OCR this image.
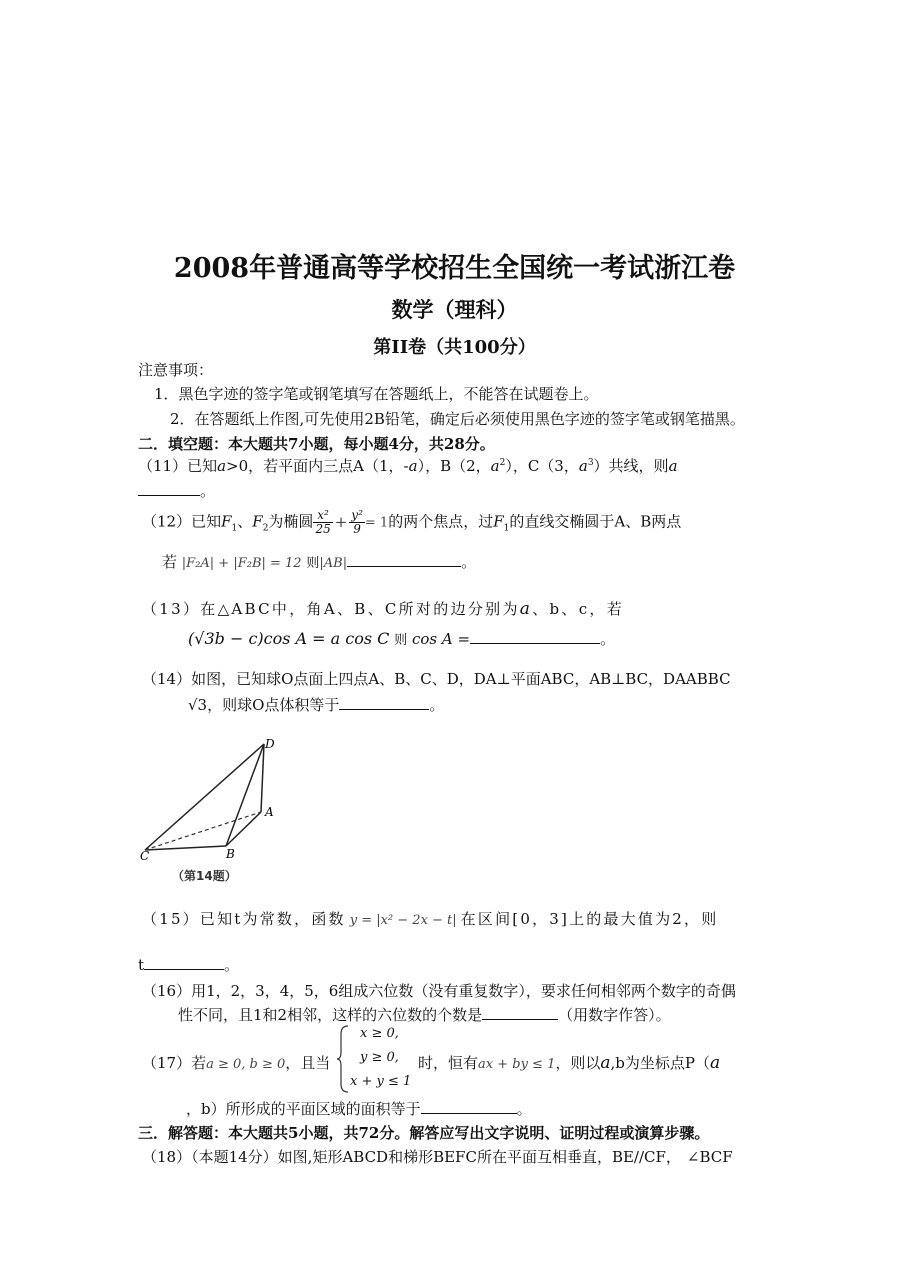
2008年普通高等学校招生全国统一考试浙江卷
数学（理科）
第II卷（共100分）
注意事项：
1．黑色字迹的签字笔或钢笔填写在答题纸上，不能答在试题卷上。
2．在答题纸上作图,可先使用2B铅笔，确定后必须使用黑色字迹的签字笔或钢笔描黑。
二．填空题：本大题共7小题，每小题4分，共28分。
（11）已知a>0，若平面内三点A（1，-a），B（2，$a^2$），C（3，$a^3$）共线，则a
。
（12）已知$F_1$、$F_2$为椭圆 $\frac{\text{x²}}{25} + \frac{\text{y²}}{9} = 1$的两个焦点，过$F_1$的直线交椭圆于A、B两点
若 |F₂A| + |F₂B| = 12 则|AB|	。
（13）在△ABC中，角A、B、C所对的边分别为a、b、c，若
(√3b − c)cos A = a cos C 则 cos A =	。
（14）如图，已知球O点面上四点A、B、C、D，DA⊥平面ABC，AB⊥BC，DAABBC
√3，则球O点体积等于	。
D
A
C	B
（第14题）
（15）已知t为常数，函数 y = |x² − 2x − t| 在区间[0，3]上的最大值为2，则
t	。
（16）用1，2，3，4，5，6组成六位数（没有重复数字），要求任何相邻两个数字的奇偶
性不同，且1和2相邻，这样的六位数的个数是	（用数字作答）。
（17）若a ≥ 0, b ≥ 0，且当
x ≥ 0,
y ≥ 0,
x + y ≤ 1
时，恒有ax + by ≤ 1，则以a,b为坐标点P（a
，b）所形成的平面区域的面积等于	。
三．解答题：本大题共5小题，共72分。解答应写出文字说明、证明过程或演算步骤。
（18）（本题14分）如图,矩形ABCD和梯形BEFC所在平面互相垂直，BE//CF， ∠BCF
